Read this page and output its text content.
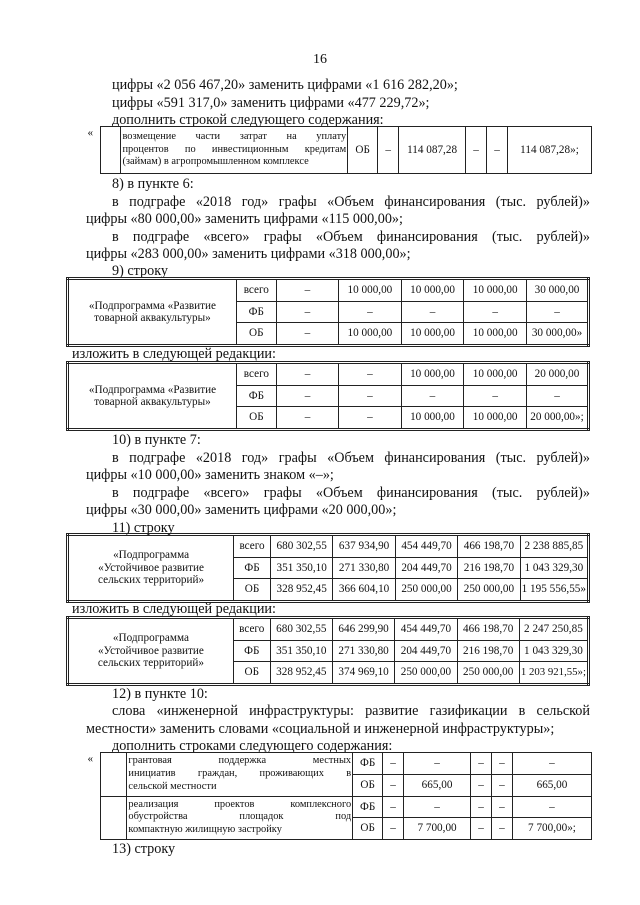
16
цифры «2 056 467,20» заменить цифрами «1 616 282,20»;
цифры «591 317,0» заменить цифрами «477 229,72»;
дополнить строкой следующего содержания:
«		возмещение части затрат на уплату
процентов по инвестиционным кредитам
(займам) в агропромышленном комплексе
	ОБ	–	114 087,28	–	–	114 087,28»;
8) в пункте 6:
в подграфе «2018 год» графы «Объем финансирования (тыс. рублей)»
цифры «80 000,00» заменить цифрами «115 000,00»;
в подграфе «всего» графы «Объем финансирования (тыс. рублей)»
цифры «283 000,00» заменить цифрами «318 000,00»;
9) строку
«Подпрограмма «Развитие
товарной аквакультуры»	всего	–	10 000,00	10 000,00	10 000,00	30 000,00
	ФБ	–	–	–	–	–
	ОБ	–	10 000,00	10 000,00	10 000,00	30 000,00»
изложить в следующей редакции:
«Подпрограмма «Развитие
товарной аквакультуры»	всего	–	–	10 000,00	10 000,00	20 000,00
	ФБ	–	–	–	–	–
	ОБ	–	–	10 000,00	10 000,00	20 000,00»;
10) в пункте 7:
в подграфе «2018 год» графы «Объем финансирования (тыс. рублей)»
цифры «10 000,00» заменить знаком «–»;
в подграфе «всего» графы «Объем финансирования (тыс. рублей)»
цифры «30 000,00» заменить цифрами «20 000,00»;
11) строку
«Подпрограмма
«Устойчивое развитие
сельских территорий»	всего	680 302,55	637 934,90	454 449,70	466 198,70	2 238 885,85
	ФБ	351 350,10	271 330,80	204 449,70	216 198,70	1 043 329,30
	ОБ	328 952,45	366 604,10	250 000,00	250 000,00	1 195 556,55»
изложить в следующей редакции:
«Подпрограмма
«Устойчивое развитие
сельских территорий»	всего	680 302,55	646 299,90	454 449,70	466 198,70	2 247 250,85
	ФБ	351 350,10	271 330,80	204 449,70	216 198,70	1 043 329,30
	ОБ	328 952,45	374 969,10	250 000,00	250 000,00	1 203 921,55»;
12) в пункте 10:
слова «инженерной инфраструктуры: развитие газификации в сельской
местности» заменить словами «социальной и инженерной инфраструктуры»;
дополнить строками следующего содержания:
«		грантовая поддержка местных
инициатив граждан, проживающих в
сельской местности	ФБ	–	–	–	–	–
			ОБ	–	665,00	–	–	665,00

		реализация проектов комплексного
обустройства площадок под
компактную жилищную застройку	ФБ	–	–	–	–	–
			ОБ	–	7 700,00	–	–	7 700,00»;
13) строку
